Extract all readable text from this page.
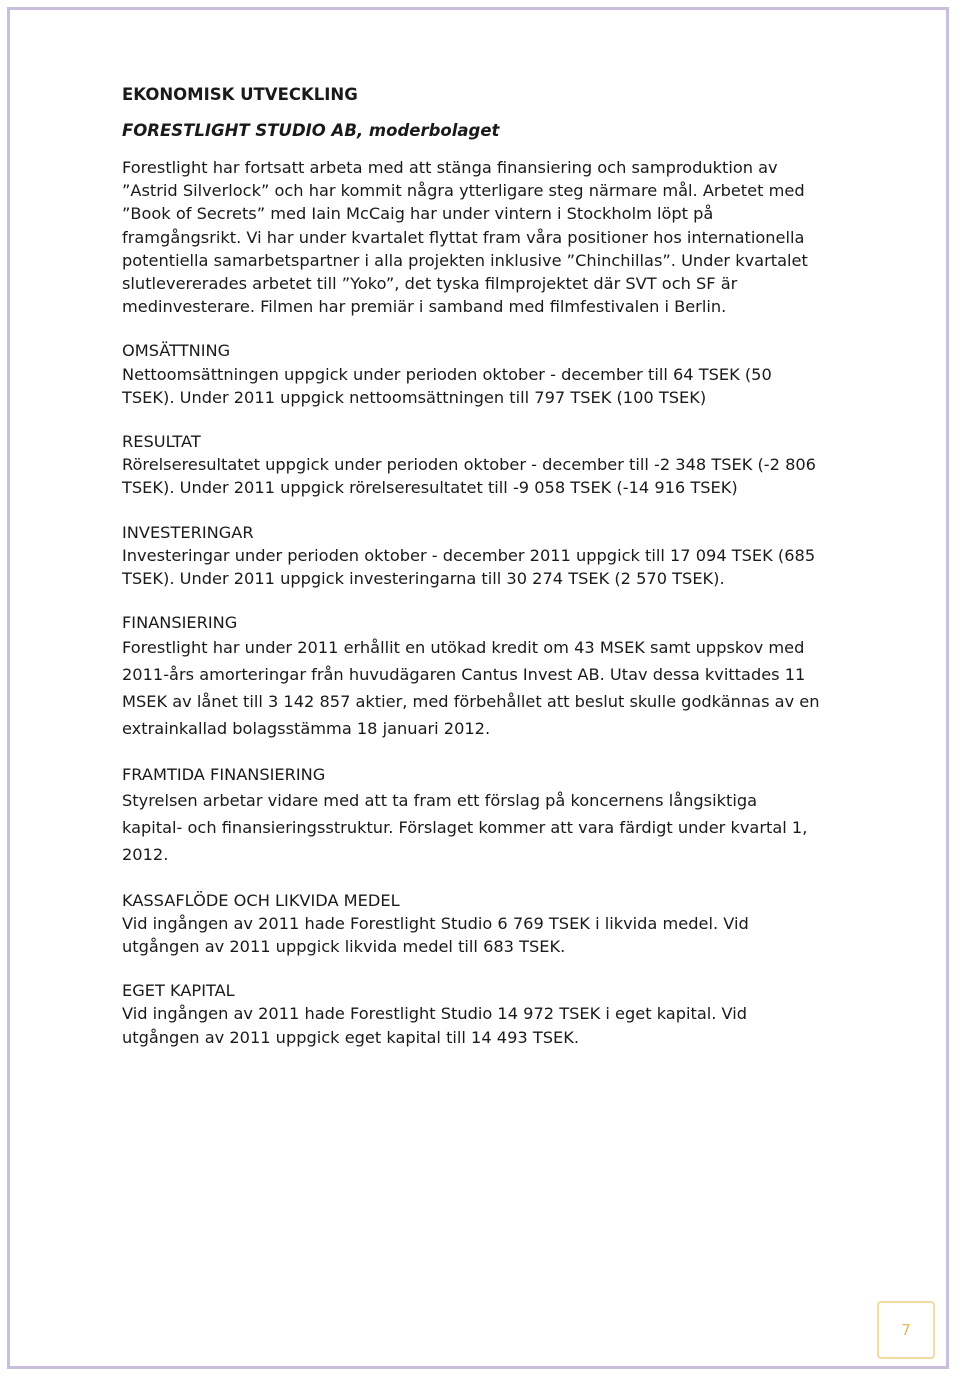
EKONOMISK UTVECKLING
FORESTLIGHT STUDIO AB, moderbolaget

Forestlight har fortsatt arbeta med att stänga finansiering och samproduktion av ”Astrid Silverlock” och har kommit några ytterligare steg närmare mål. Arbetet med ”Book of Secrets” med Iain McCaig har under vintern i Stockholm löpt på framgångsrikt. Vi har under kvartalet flyttat fram våra positioner hos internationella potentiella samarbetspartner i alla projekten inklusive ”Chinchillas”. Under kvartalet slutlevererades arbetet till ”Yoko”, det tyska filmprojektet där SVT och SF är medinvesterare. Filmen har premiär i samband med filmfestivalen i Berlin.

OMSÄTTNING

Nettoomsättningen uppgick under perioden oktober - december till 64 TSEK (50 TSEK). Under 2011 uppgick nettoomsättningen till 797 TSEK (100 TSEK)

RESULTAT

Rörelseresultatet uppgick under perioden oktober - december till -2 348 TSEK (-2 806 TSEK). Under 2011 uppgick rörelseresultatet till -9 058 TSEK (-14 916 TSEK)

INVESTERINGAR

Investeringar under perioden oktober - december 2011 uppgick till 17 094 TSEK (685 TSEK). Under 2011 uppgick investeringarna till 30 274 TSEK (2 570 TSEK).

FINANSIERING

Forestlight har under 2011 erhållit en utökad kredit om 43 MSEK samt uppskov med 2011-års amorteringar från huvudägaren Cantus Invest AB. Utav dessa kvittades 11 MSEK av lånet till 3 142 857 aktier, med förbehållet att beslut skulle godkännas av en extrainkallad bolagsstämma 18 januari 2012.

FRAMTIDA FINANSIERING

Styrelsen arbetar vidare med att ta fram ett förslag på koncernens långsiktiga kapital- och finansieringsstruktur. Förslaget kommer att vara färdigt under kvartal 1, 2012.

KASSAFLÖDE OCH LIKVIDA MEDEL

Vid ingången av 2011 hade Forestlight Studio 6 769 TSEK i likvida medel. Vid utgången av 2011 uppgick likvida medel till 683 TSEK.

EGET KAPITAL

Vid ingången av 2011 hade Forestlight Studio 14 972 TSEK i eget kapital. Vid utgången av 2011 uppgick eget kapital till 14 493 TSEK.

7
